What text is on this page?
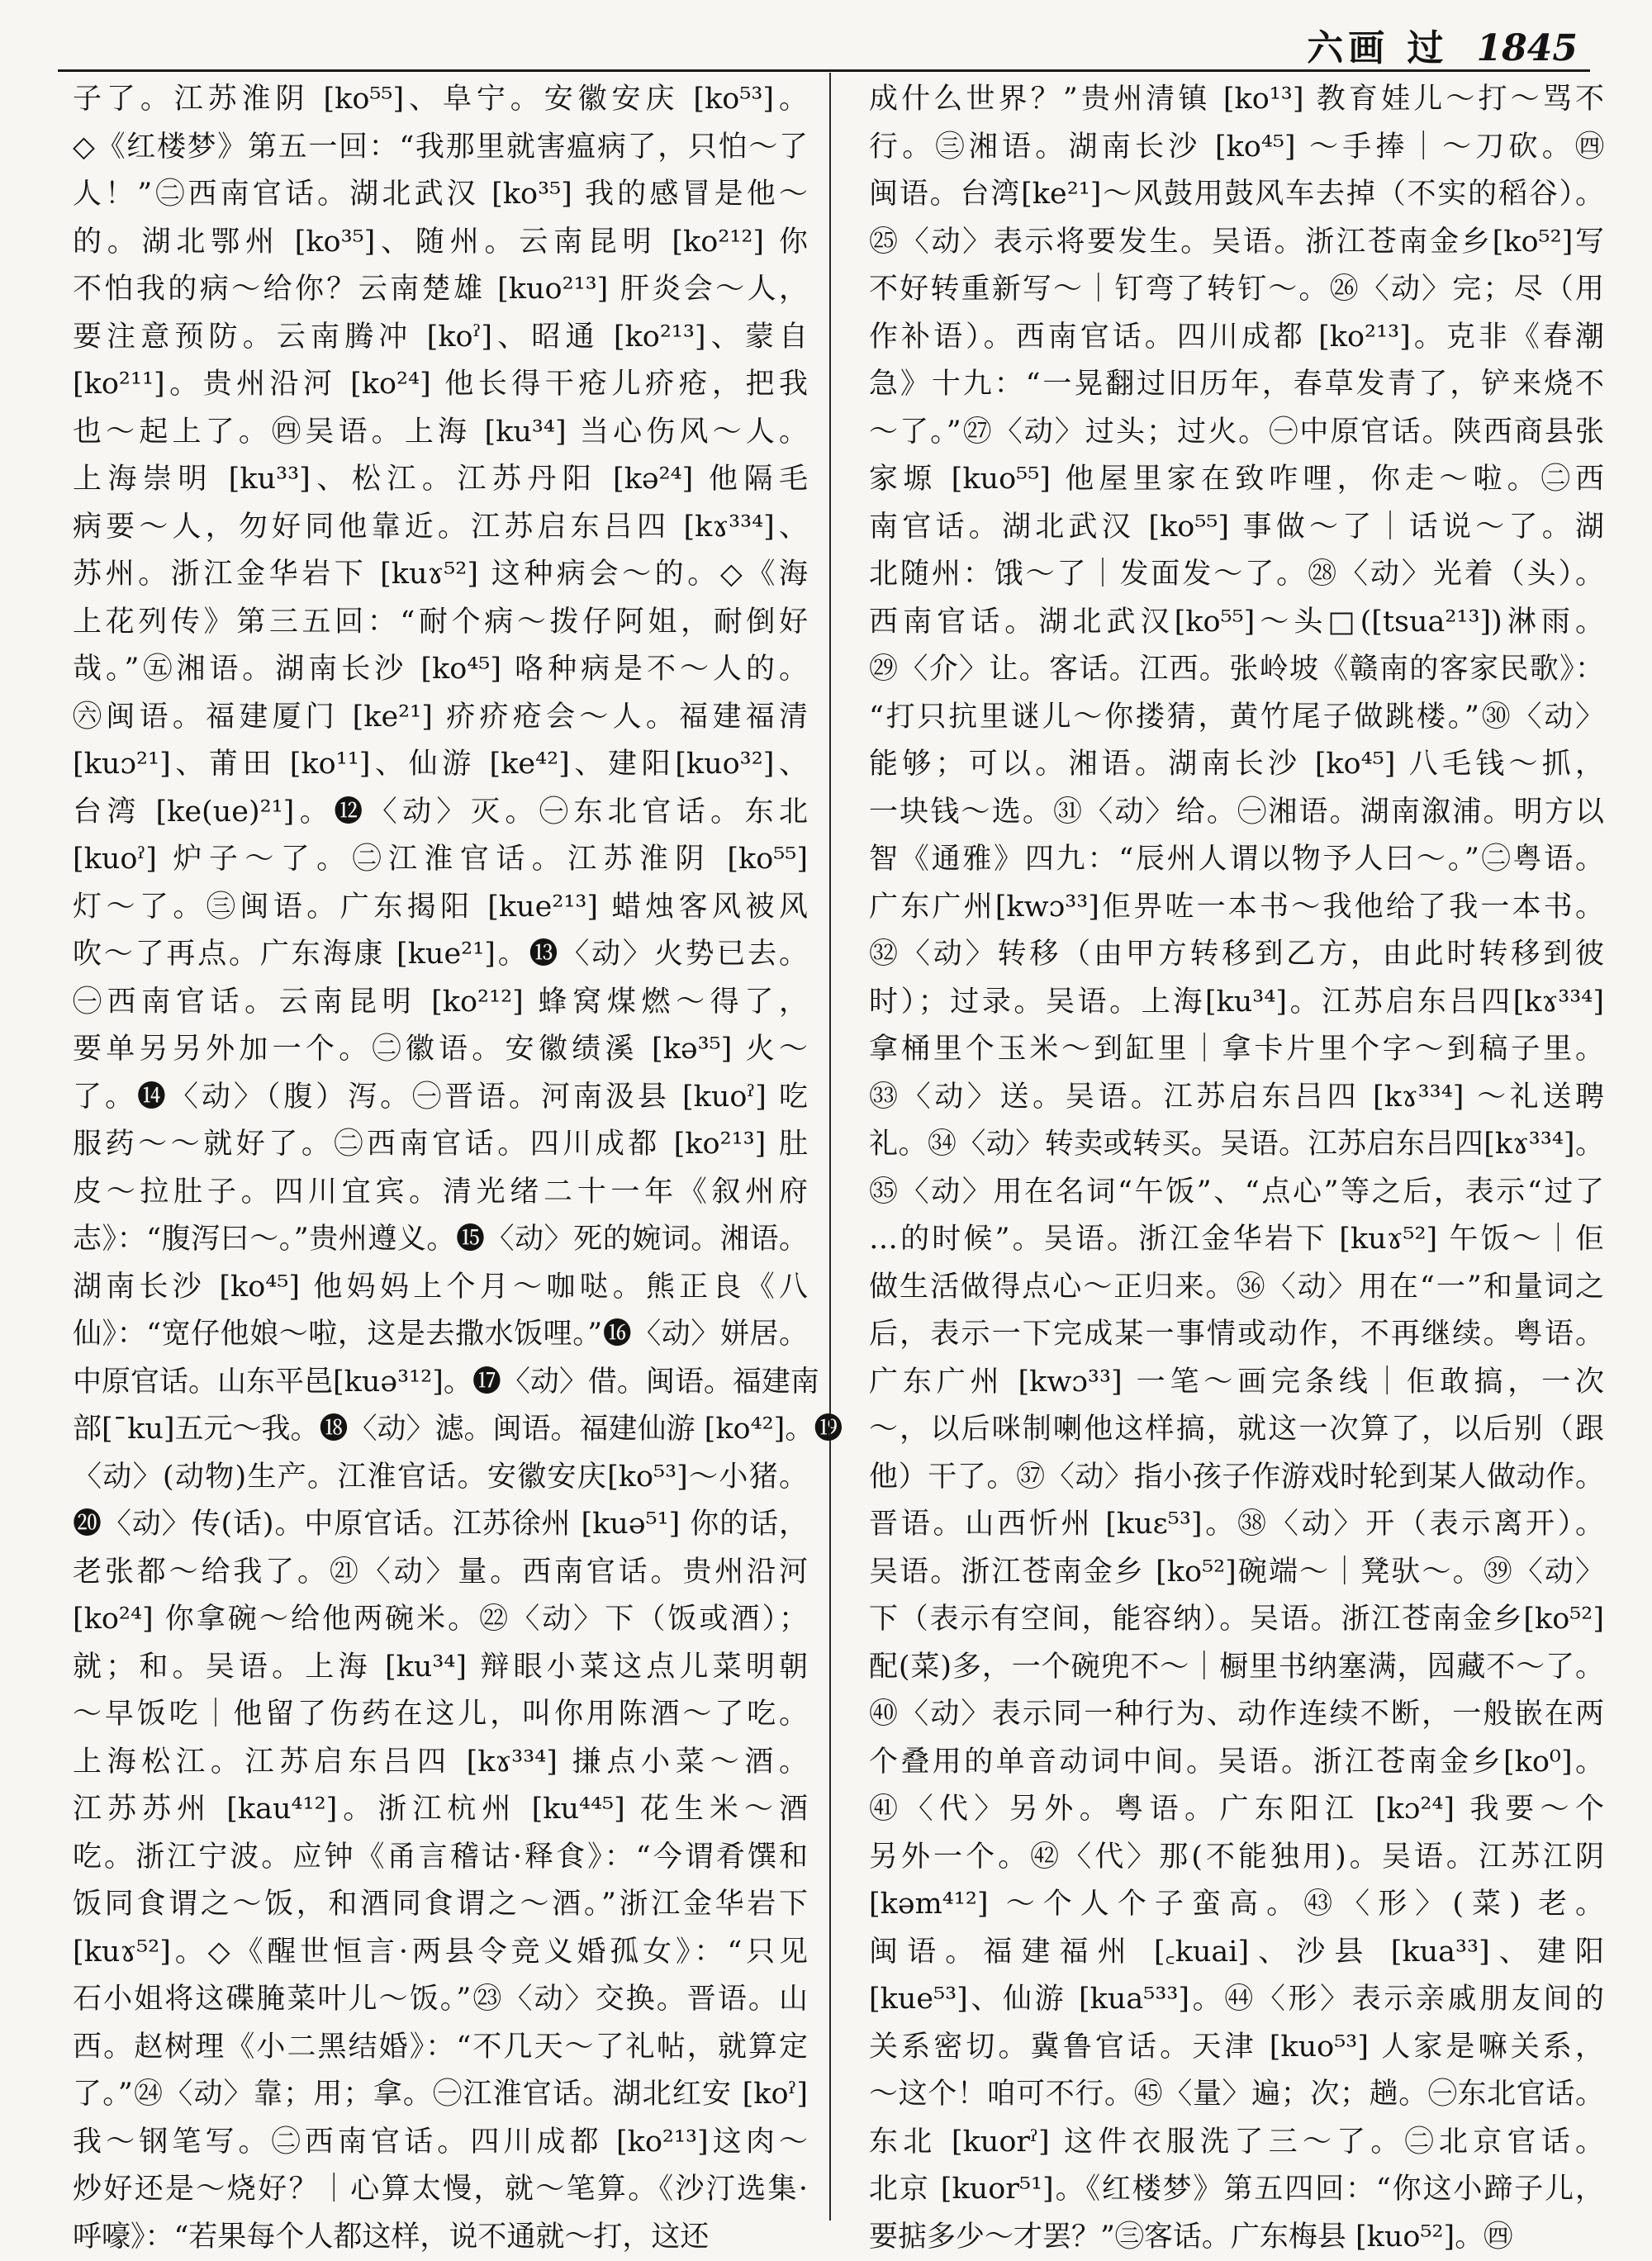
六画 过 1845
子了。江苏淮阴 [ko⁵⁵]、阜宁。安徽安庆 [ko⁵³]。
◇《红楼梦》第五一回：“我那里就害瘟病了，只怕～了
人！”㊁西南官话。湖北武汉 [ko³⁵] 我的感冒是他～
的。湖北鄂州 [ko³⁵]、随州。云南昆明 [ko²¹²] 你
不怕我的病～给你？云南楚雄 [kuo²¹³] 肝炎会～人，
要注意预防。云南腾冲 [koˀ]、昭通 [ko²¹³]、蒙自
[ko²¹¹]。贵州沿河 [ko²⁴] 他长得干疮儿疥疮，把我
也～起上了。㊃吴语。上海 [ku³⁴] 当心伤风～人。
上海崇明 [ku³³]、松江。江苏丹阳 [kə²⁴] 他隔毛
病要～人，勿好同他靠近。江苏启东吕四 [kɤ³³⁴]、
苏州。浙江金华岩下 [kuɤ⁵²] 这种病会～的。◇《海
上花列传》第三五回：“耐个病～拨仔阿姐，耐倒好
哉。”㊄湘语。湖南长沙 [ko⁴⁵] 咯种病是不～人的。
㊅闽语。福建厦门 [ke²¹] 疥疥疮会～人。福建福清
[kuɔ²¹]、莆田 [ko¹¹]、仙游 [ke⁴²]、建阳[kuo³²]、
台湾 [ke(ue)²¹]。⓬〈动〉灭。㊀东北官话。东北
[kuoˀ] 炉子～了。㊁江淮官话。江苏淮阴 [ko⁵⁵]
灯～了。㊂闽语。广东揭阳 [kue²¹³] 蜡烛客风被风
吹～了再点。广东海康 [kue²¹]。⓭〈动〉火势已去。
㊀西南官话。云南昆明 [ko²¹²] 蜂窝煤燃～得了，
要单另另外加一个。㊁徽语。安徽绩溪 [kə³⁵] 火～
了。⓮〈动〉（腹）泻。㊀晋语。河南汲县 [kuoˀ] 吃
服药～～就好了。㊁西南官话。四川成都 [ko²¹³] 肚
皮～拉肚子。四川宜宾。清光绪二十一年《叙州府
志》：“腹泻曰～。”贵州遵义。⓯〈动〉死的婉词。湘语。
湖南长沙 [ko⁴⁵] 他妈妈上个月～咖哒。熊正良《八
仙》：“宽仔他娘～啦，这是去撒水饭哩。”⓰〈动〉姘居。
中原官话。山东平邑[kuə³¹²]。⓱〈动〉借。闽语。福建南
部[ˉku]五元～我。⓲〈动〉滤。闽语。福建仙游 [ko⁴²]。⓳
〈动〉(动物)生产。江淮官话。安徽安庆[ko⁵³]～小猪。
⓴〈动〉传(话)。中原官话。江苏徐州 [kuə⁵¹] 你的话，
老张都～给我了。㉑〈动〉量。西南官话。贵州沿河
[ko²⁴] 你拿碗～给他两碗米。㉒〈动〉下（饭或酒）；
就；和。吴语。上海 [ku³⁴] 辩眼小菜这点儿菜明朝
～早饭吃｜他留了伤药在这儿，叫你用陈酒～了吃。
上海松江。江苏启东吕四 [kɤ³³⁴] 搛点小菜～酒。
江苏苏州 [kau⁴¹²]。浙江杭州 [ku⁴⁴⁵] 花生米～酒
吃。浙江宁波。应钟《甬言稽诂·释食》：“今谓肴馔和
饭同食谓之～饭，和酒同食谓之～酒。”浙江金华岩下
[kuɤ⁵²]。◇《醒世恒言·两县令竞义婚孤女》：“只见
石小姐将这碟腌菜叶儿～饭。”㉓〈动〉交换。晋语。山
西。赵树理《小二黑结婚》：“不几天～了礼帖，就算定
了。”㉔〈动〉靠；用；拿。㊀江淮官话。湖北红安 [koˀ]
我～钢笔写。㊁西南官话。四川成都 [ko²¹³]这肉～
炒好还是～烧好？｜心算太慢，就～笔算。《沙汀选集·
呼嚎》：“若果每个人都这样，说不通就～打，这还
成什么世界？”贵州清镇 [ko¹³] 教育娃儿～打～骂不
行。㊂湘语。湖南长沙 [ko⁴⁵] ～手捧｜～刀砍。㊃
闽语。台湾[ke²¹]～风鼓用鼓风车去掉（不实的稻谷）。
㉕〈动〉表示将要发生。吴语。浙江苍南金乡[ko⁵²]写
不好转重新写～｜钉弯了转钉～。㉖〈动〉完；尽（用
作补语）。西南官话。四川成都 [ko²¹³]。克非《春潮
急》十九：“一晃翻过旧历年，春草发青了，铲来烧不
～了。”㉗〈动〉过头；过火。㊀中原官话。陕西商县张
家塬 [kuo⁵⁵] 他屋里家在致咋哩，你走～啦。㊁西
南官话。湖北武汉 [ko⁵⁵] 事做～了｜话说～了。湖
北随州：饿～了｜发面发～了。㉘〈动〉光着（头）。
西南官话。湖北武汉[ko⁵⁵]～头□([tsua²¹³])淋雨。
㉙〈介〉让。客话。江西。张岭坡《赣南的客家民歌》：
“打只抗里谜儿～你搂猜，黄竹尾子做跳楼。”㉚〈动〉
能够；可以。湘语。湖南长沙 [ko⁴⁵] 八毛钱～抓，
一块钱～选。㉛〈动〉给。㊀湘语。湖南溆浦。明方以
智《通雅》四九：“辰州人谓以物予人曰～。”㊁粤语。
广东广州[kwɔ³³]佢畀咗一本书～我他给了我一本书。
㉜〈动〉转移（由甲方转移到乙方，由此时转移到彼
时）；过录。吴语。上海[ku³⁴]。江苏启东吕四[kɤ³³⁴]
拿桶里个玉米～到缸里｜拿卡片里个字～到稿子里。
㉝〈动〉送。吴语。江苏启东吕四 [kɤ³³⁴] ～礼送聘
礼。㉞〈动〉转卖或转买。吴语。江苏启东吕四[kɤ³³⁴]。
㉟〈动〉用在名词“午饭”、“点心”等之后，表示“过了
…的时候”。吴语。浙江金华岩下 [kuɤ⁵²] 午饭～｜佢
做生活做得点心～正归来。㊱〈动〉用在“一”和量词之
后，表示一下完成某一事情或动作，不再继续。粤语。
广东广州 [kwɔ³³] 一笔～画完条线｜佢敢搞，一次
～，以后咪制喇他这样搞，就这一次算了，以后别（跟
他）干了。㊲〈动〉指小孩子作游戏时轮到某人做动作。
晋语。山西忻州 [kuɛ⁵³]。㊳〈动〉开（表示离开）。
吴语。浙江苍南金乡 [ko⁵²]碗端～｜凳驮～。㊴〈动〉
下（表示有空间，能容纳）。吴语。浙江苍南金乡[ko⁵²]
配(菜)多，一个碗兜不～｜橱里书纳塞满，囥藏不～了。
㊵〈动〉表示同一种行为、动作连续不断，一般嵌在两
个叠用的单音动词中间。吴语。浙江苍南金乡[ko⁰]。
㊶〈代〉另外。粤语。广东阳江 [kɔ²⁴] 我要～个
另外一个。㊷〈代〉那(不能独用)。吴语。江苏江阴
[kəm⁴¹²] ～个人个子蛮高。㊸〈形〉(菜) 老。
闽语。福建福州 [꜀kuai]、沙县 [kua³³]、建阳
[kue⁵³]、仙游 [kua⁵³³]。㊹〈形〉表示亲戚朋友间的
关系密切。冀鲁官话。天津 [kuo⁵³] 人家是嘛关系，
～这个！咱可不行。㊺〈量〉遍；次；趟。㊀东北官话。
东北 [kuorˀ] 这件衣服洗了三～了。㊁北京官话。
北京 [kuor⁵¹]。《红楼梦》第五四回：“你这小蹄子儿，
要掂多少～才罢？”㊂客话。广东梅县 [kuo⁵²]。㊃
